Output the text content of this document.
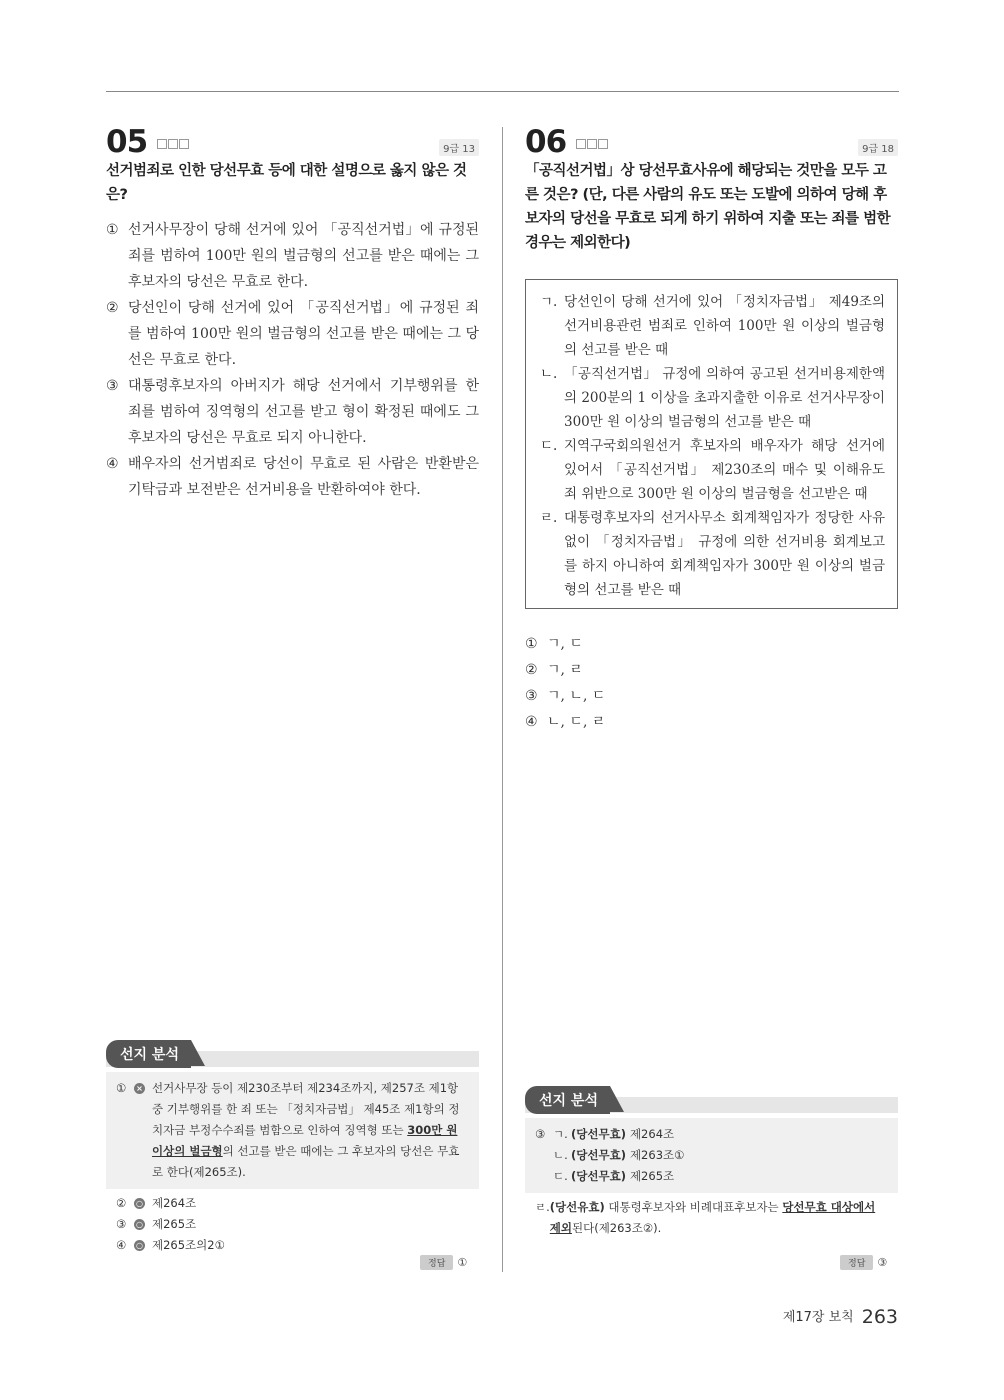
05	9급 13
선거범죄로 인한 당선무효 등에 대한 설명으로 옳지 않은 것은?
① 선거사무장이 당해 선거에 있어 「공직선거법」에 규정된 죄를 범하여 100만 원의 벌금형의 선고를 받은 때에는 그 후보자의 당선은 무효로 한다.
② 당선인이 당해 선거에 있어 「공직선거법」에 규정된 죄를 범하여 100만 원의 벌금형의 선고를 받은 때에는 그 당선은 무효로 한다.
③ 대통령후보자의 아버지가 해당 선거에서 기부행위를 한 죄를 범하여 징역형의 선고를 받고 형이 확정된 때에도 그 후보자의 당선은 무효로 되지 아니한다.
④ 배우자의 선거범죄로 당선이 무효로 된 사람은 반환받은 기탁금과 보전받은 선거비용을 반환하여야 한다.
선지 분석
①	× 선거사무장 등이 제230조부터 제234조까지, 제257조 제1항 중 기부행위를 한 죄 또는 「정치자금법」 제45조 제1항의 정치자금 부정수수죄를 범함으로 인하여 징역형 또는 300만 원 이상의 벌금형의 선고를 받은 때에는 그 후보자의 당선은 무효로 한다(제265조).
②	○ 제264조
③	○ 제265조
④	○ 제265조의2①
정답 ①
06	9급 18
「공직선거법」상 당선무효사유에 해당되는 것만을 모두 고른 것은? (단, 다른 사람의 유도 또는 도발에 의하여 당해 후보자의 당선을 무효로 되게 하기 위하여 지출 또는 죄를 범한 경우는 제외한다)
ㄱ. 당선인이 당해 선거에 있어 「정치자금법」 제49조의 선거비용관련 범죄로 인하여 100만 원 이상의 벌금형의 선고를 받은 때
ㄴ. 「공직선거법」 규정에 의하여 공고된 선거비용제한액의 200분의 1 이상을 초과지출한 이유로 선거사무장이 300만 원 이상의 벌금형의 선고를 받은 때
ㄷ. 지역구국회의원선거 후보자의 배우자가 해당 선거에 있어서 「공직선거법」 제230조의 매수 및 이해유도죄 위반으로 300만 원 이상의 벌금형을 선고받은 때
ㄹ. 대통령후보자의 선거사무소 회계책임자가 정당한 사유 없이 「정치자금법」 규정에 의한 선거비용 회계보고를 하지 아니하여 회계책임자가 300만 원 이상의 벌금형의 선고를 받은 때
① ㄱ, ㄷ
② ㄱ, ㄹ
③ ㄱ, ㄴ, ㄷ
④ ㄴ, ㄷ, ㄹ
선지 분석
③ ㄱ. (당선무효) 제264조
ㄴ. (당선무효) 제263조①
ㄷ. (당선무효) 제265조
ㄹ. (당선유효) 대통령후보자와 비례대표후보자는 당선무효 대상에서 제외된다(제263조②).
정답 ③
제17장 보칙 263
